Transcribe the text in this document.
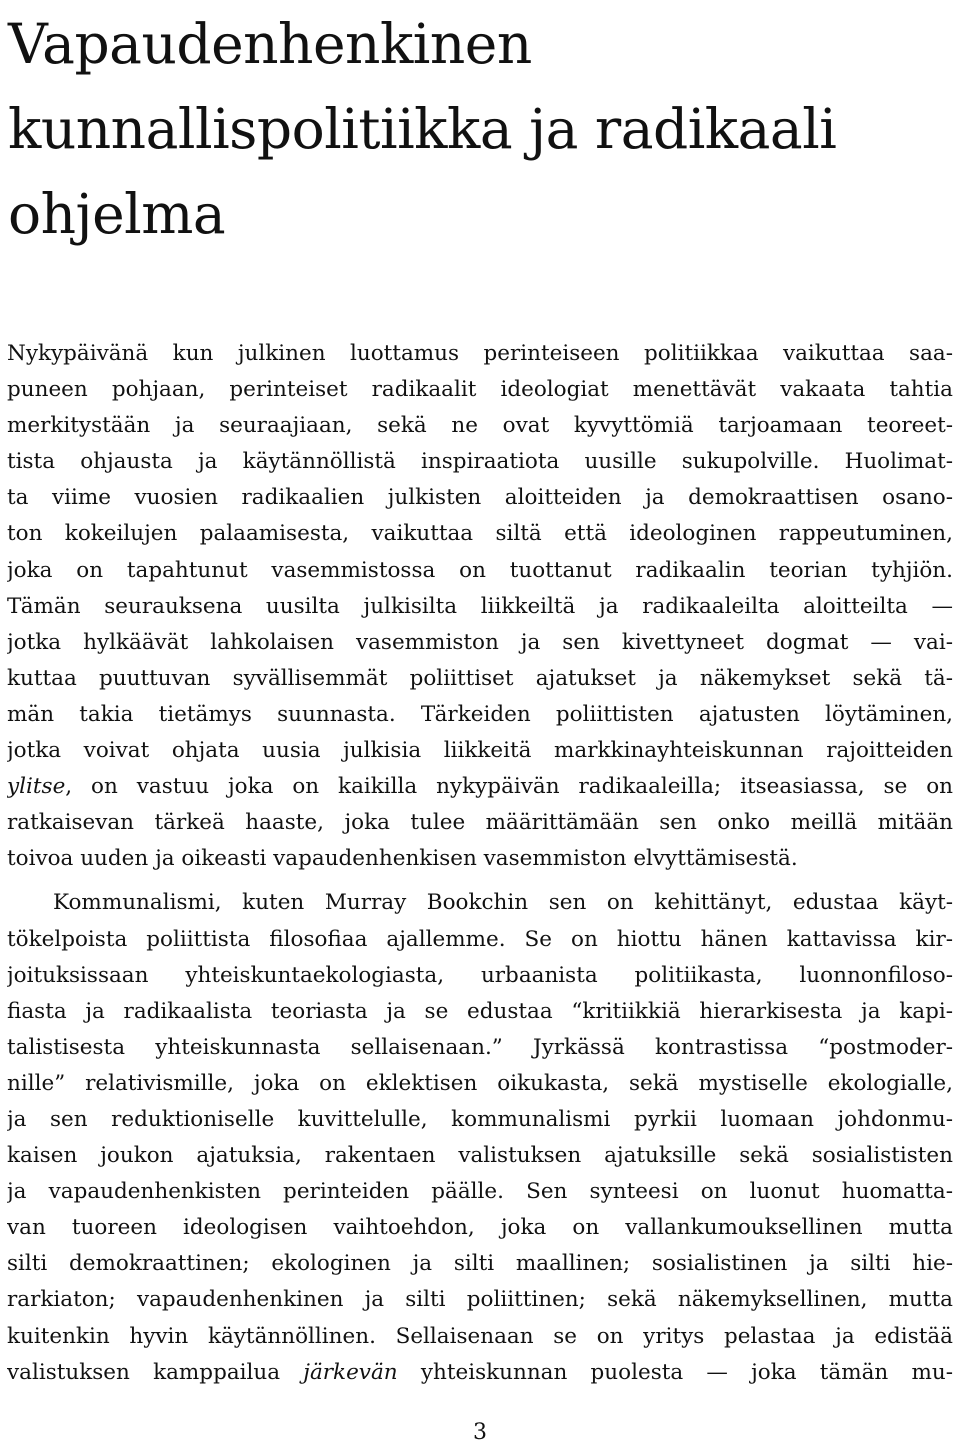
Vapaudenhenkinen
kunnallispolitiikka ja radikaali
ohjelma
Nykypäivänä kun julkinen luottamus perinteiseen politiikkaa vaikuttaa saa-
puneen pohjaan, perinteiset radikaalit ideologiat menettävät vakaata tahtia
merkitystään ja seuraajiaan, sekä ne ovat kyvyttömiä tarjoamaan teoreet-
tista ohjausta ja käytännöllistä inspiraatiota uusille sukupolville. Huolimat-
ta viime vuosien radikaalien julkisten aloitteiden ja demokraattisen osano-
ton kokeilujen palaamisesta, vaikuttaa siltä että ideologinen rappeutuminen,
joka on tapahtunut vasemmistossa on tuottanut radikaalin teorian tyhjiön.
Tämän seurauksena uusilta julkisilta liikkeiltä ja radikaaleilta aloitteilta —
jotka hylkäävät lahkolaisen vasemmiston ja sen kivettyneet dogmat — vai-
kuttaa puuttuvan syvällisemmät poliittiset ajatukset ja näkemykset sekä tä-
män takia tietämys suunnasta. Tärkeiden poliittisten ajatusten löytäminen,
jotka voivat ohjata uusia julkisia liikkeitä markkinayhteiskunnan rajoitteiden
ylitse, on vastuu joka on kaikilla nykypäivän radikaaleilla; itseasiassa, se on
ratkaisevan tärkeä haaste, joka tulee määrittämään sen onko meillä mitään
toivoa uuden ja oikeasti vapaudenhenkisen vasemmiston elvyttämisestä.
Kommunalismi, kuten Murray Bookchin sen on kehittänyt, edustaa käyt-
tökelpoista poliittista filosofiaa ajallemme. Se on hiottu hänen kattavissa kir-
joituksissaan yhteiskuntaekologiasta, urbaanista politiikasta, luonnonfiloso-
fiasta ja radikaalista teoriasta ja se edustaa “kritiikkiä hierarkisesta ja kapi-
talistisesta yhteiskunnasta sellaisenaan.” Jyrkässä kontrastissa “postmoder-
nille” relativismille, joka on eklektisen oikukasta, sekä mystiselle ekologialle,
ja sen reduktioniselle kuvittelulle, kommunalismi pyrkii luomaan johdonmu-
kaisen joukon ajatuksia, rakentaen valistuksen ajatuksille sekä sosialististen
ja vapaudenhenkisten perinteiden päälle. Sen synteesi on luonut huomatta-
van tuoreen ideologisen vaihtoehdon, joka on vallankumouksellinen mutta
silti demokraattinen; ekologinen ja silti maallinen; sosialistinen ja silti hie-
rarkiaton; vapaudenhenkinen ja silti poliittinen; sekä näkemyksellinen, mutta
kuitenkin hyvin käytännöllinen. Sellaisenaan se on yritys pelastaa ja edistää
valistuksen kamppailua järkevän yhteiskunnan puolesta — joka tämän mu-
3
